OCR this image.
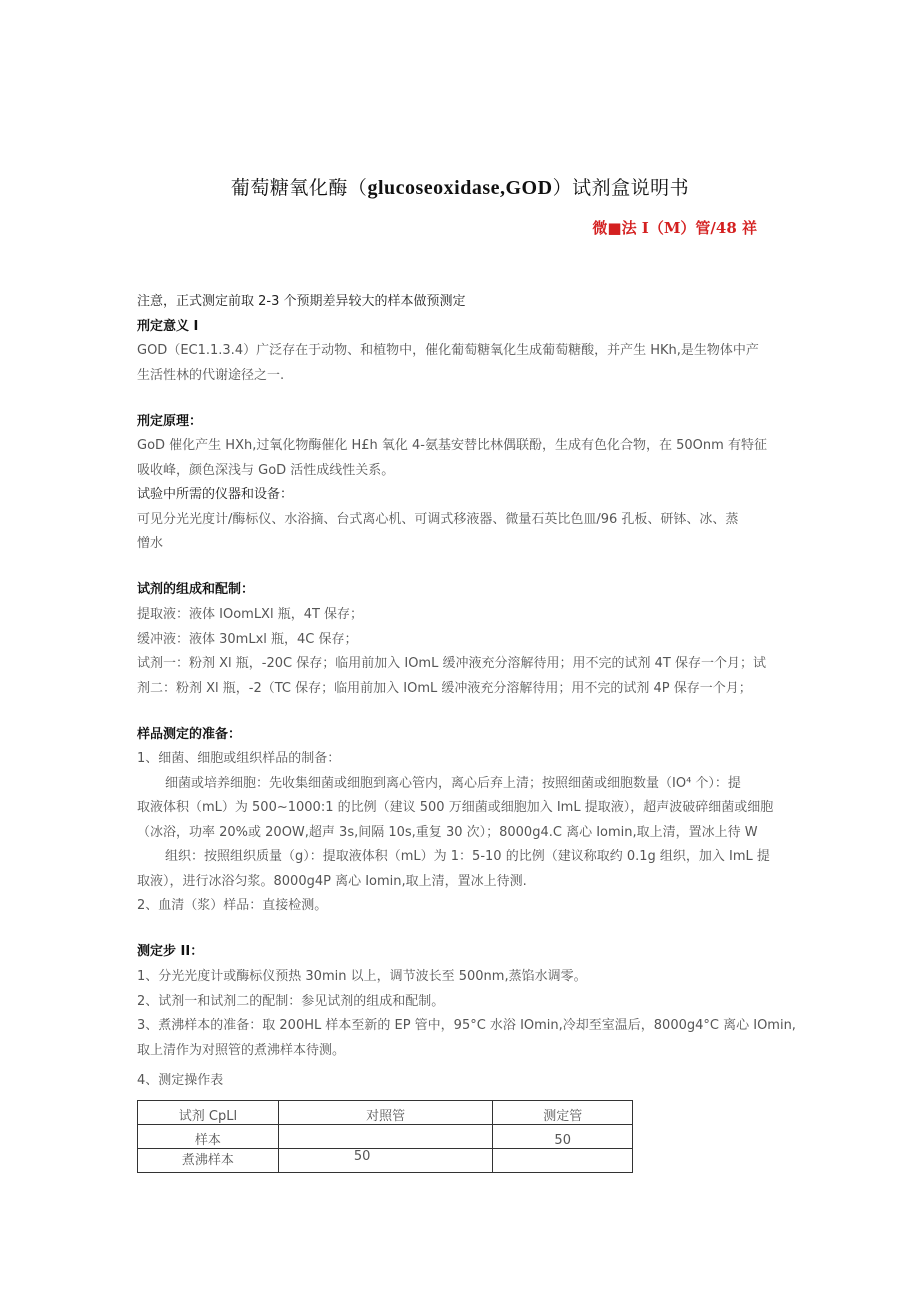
葡萄糖氧化酶（glucoseoxidase,GOD）试剂盒说明书
微■法 I（M）管/48 祥
注意，正式测定前取 2-3 个预期差异较大的样本做预测定
刑定意义 I
GOD（EC1.1.3.4）广泛存在于动物、和植物中，催化葡萄糖氧化生成葡萄糖酸，并产生 HKh,是生物体中产
生活性林的代谢途径之一.
刑定原理：
GoD 催化产生 HXh,过氧化物酶催化 H£h 氧化 4-氨基安替比林偶联酚，生成有色化合物，在 50Onm 有特征
吸收峰，颜色深浅与 GoD 活性成线性关系。
试验中所需的仪器和设备：
可见分光光度计/酶标仪、水浴摘、台式离心机、可调式移液器、微量石英比色皿/96 孔板、研钵、冰、蒸
憎水
试剂的组成和配制：
提取液：液体 IOomLXl 瓶，4T 保存；
缓冲液：液体 30mLxl 瓶，4C 保存；
试剂一：粉剂 Xl 瓶，-20C 保存；临用前加入 IOmL 缓冲液充分溶解待用；用不完的试剂 4T 保存一个月；试
剂二：粉剂 Xl 瓶，-2（TC 保存；临用前加入 IOmL 缓冲液充分溶解待用；用不完的试剂 4P 保存一个月；
样品测定的准备：
1、细菌、细胞或组织样品的制备：
细菌或培养细胞：先收集细菌或细胞到离心管内，离心后弃上清；按照细菌或细胞数量（IO⁴ 个）：提
取液体积（mL）为 500~1000:1 的比例（建议 500 万细菌或细胞加入 ImL 提取液），超声波破碎细菌或细胞
（冰浴，功率 20%或 20OW,超声 3s,间隔 10s,重复 30 次）；8000g4.C 离心 Iomin,取上清，置冰上待 W
组织：按照组织质量（g）：提取液体积（mL）为 1：5-10 的比例（建议称取约 0.1g 组织，加入 ImL 提
取液），进行冰浴匀浆。8000g4P 离心 Iomin,取上清，置冰上待测.
2、血清（浆）样品：直接检测。
测定步 II：
1、分光光度计或酶标仪预热 30min 以上，调节波长至 500nm,蒸馅水调零。
2、试剂一和试剂二的配制：参见试剂的组成和配制。
3、煮沸样本的准备：取 200HL 样本至新的 EP 管中，95°C 水浴 IOmin,冷却至室温后，8000g4°C 离心 IOmin,
取上清作为对照管的煮沸样本待测。
4、测定操作表
试剂 CpLl	对照管	测定管
样本		50
煮沸样本	50	
